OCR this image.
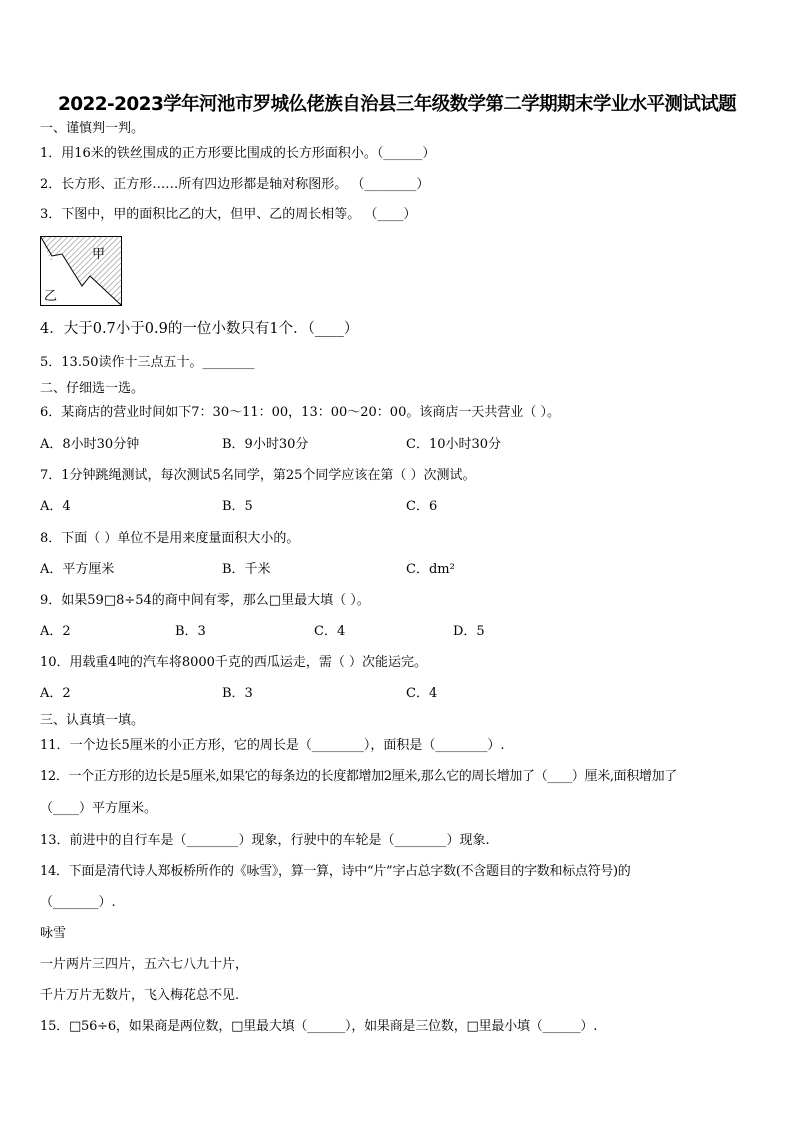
2022-2023学年河池市罗城仫佬族自治县三年级数学第二学期期末学业水平测试试题
一、谨慎判一判。
1．用16米的铁丝围成的正方形要比围成的长方形面积小。（______）
2．长方形、正方形……所有四边形都是轴对称图形。 （________）
3．下图中，甲的面积比乙的大，但甲、乙的周长相等。 （____）
甲
乙
4．大于0.7小于0.9的一位小数只有1个．（____）
5．13.50读作十三点五十。________
二、仔细选一选。
6．某商店的营业时间如下7：30～11：00，13：00～20：00。该商店一天共营业（ ）。
A．8小时30分钟	B．9小时30分	C．10小时30分
7．1分钟跳绳测试，每次测试5名同学，第25个同学应该在第（ ）次测试。
A．4	B．5	C．6
8．下面（ ）单位不是用来度量面积大小的。
A．平方厘米	B．千米	C．dm²
9．如果59□8÷54的商中间有零，那么□里最大填（ ）。
A．2	B．3	C．4	D．5
10．用载重4吨的汽车将8000千克的西瓜运走，需（ ）次能运完。
A．2	B．3	C．4
三、认真填一填。
11．一个边长5厘米的小正方形，它的周长是（________），面积是（________）.
12．一个正方形的边长是5厘米,如果它的每条边的长度都增加2厘米,那么它的周长增加了（____）厘米,面积增加了
（____）平方厘米。
13．前进中的自行车是（________）现象，行驶中的车轮是（________）现象.
14．下面是清代诗人郑板桥所作的《咏雪》，算一算，诗中“片”字占总字数(不含题目的字数和标点符号)的
（_______）.
咏雪
一片两片三四片，五六七八九十片，
千片万片无数片，飞入梅花总不见.
15．□56÷6，如果商是两位数，□里最大填（______），如果商是三位数，□里最小填（______）.
